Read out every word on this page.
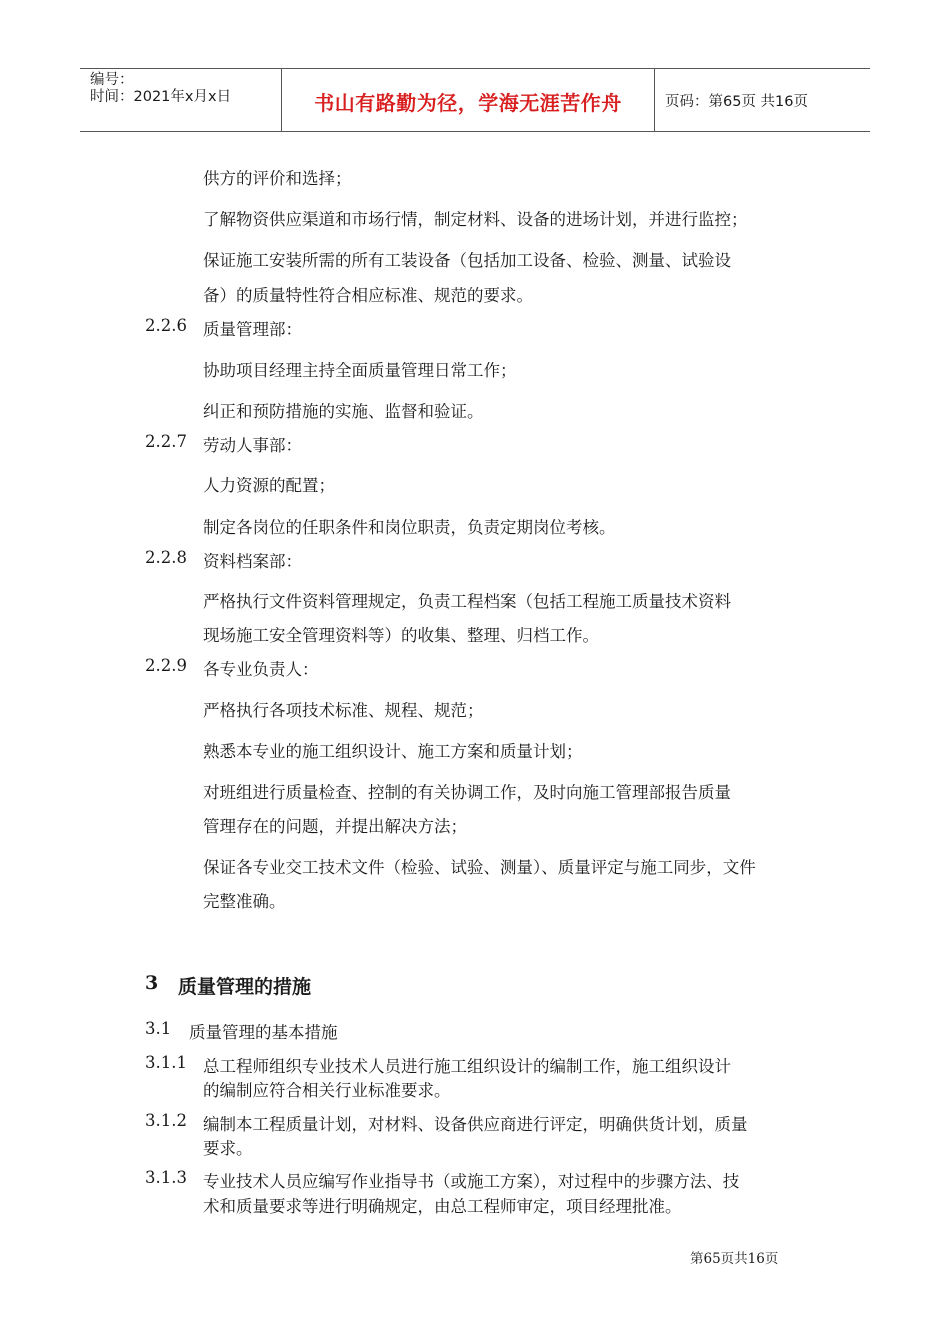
编号：
时间：2021年x月x日	书山有路勤为径，学海无涯苦作舟	页码：第65页 共16页
供方的评价和选择；
了解物资供应渠道和市场行情，制定材料、设备的进场计划，并进行监控；
保证施工安装所需的所有工装设备（包括加工设备、检验、测量、试验设
备）的质量特性符合相应标准、规范的要求。
2.2.6 质量管理部：
协助项目经理主持全面质量管理日常工作；
纠正和预防措施的实施、监督和验证。
2.2.7 劳动人事部：
人力资源的配置；
制定各岗位的任职条件和岗位职责，负责定期岗位考核。
2.2.8 资料档案部：
严格执行文件资料管理规定，负责工程档案（包括工程施工质量技术资料
现场施工安全管理资料等）的收集、整理、归档工作。
2.2.9 各专业负责人：
严格执行各项技术标准、规程、规范；
熟悉本专业的施工组织设计、施工方案和质量计划；
对班组进行质量检查、控制的有关协调工作，及时向施工管理部报告质量
管理存在的问题，并提出解决方法；
保证各专业交工技术文件（检验、试验、测量）、质量评定与施工同步，文件
完整准确。
3 质量管理的措施
3.1 质量管理的基本措施
3.1.1 总工程师组织专业技术人员进行施工组织设计的编制工作，施工组织设计
的编制应符合相关行业标准要求。
3.1.2 编制本工程质量计划，对材料、设备供应商进行评定，明确供货计划，质量
要求。
3.1.3 专业技术人员应编写作业指导书（或施工方案），对过程中的步骤方法、技
术和质量要求等进行明确规定，由总工程师审定，项目经理批准。
第65页共16页
